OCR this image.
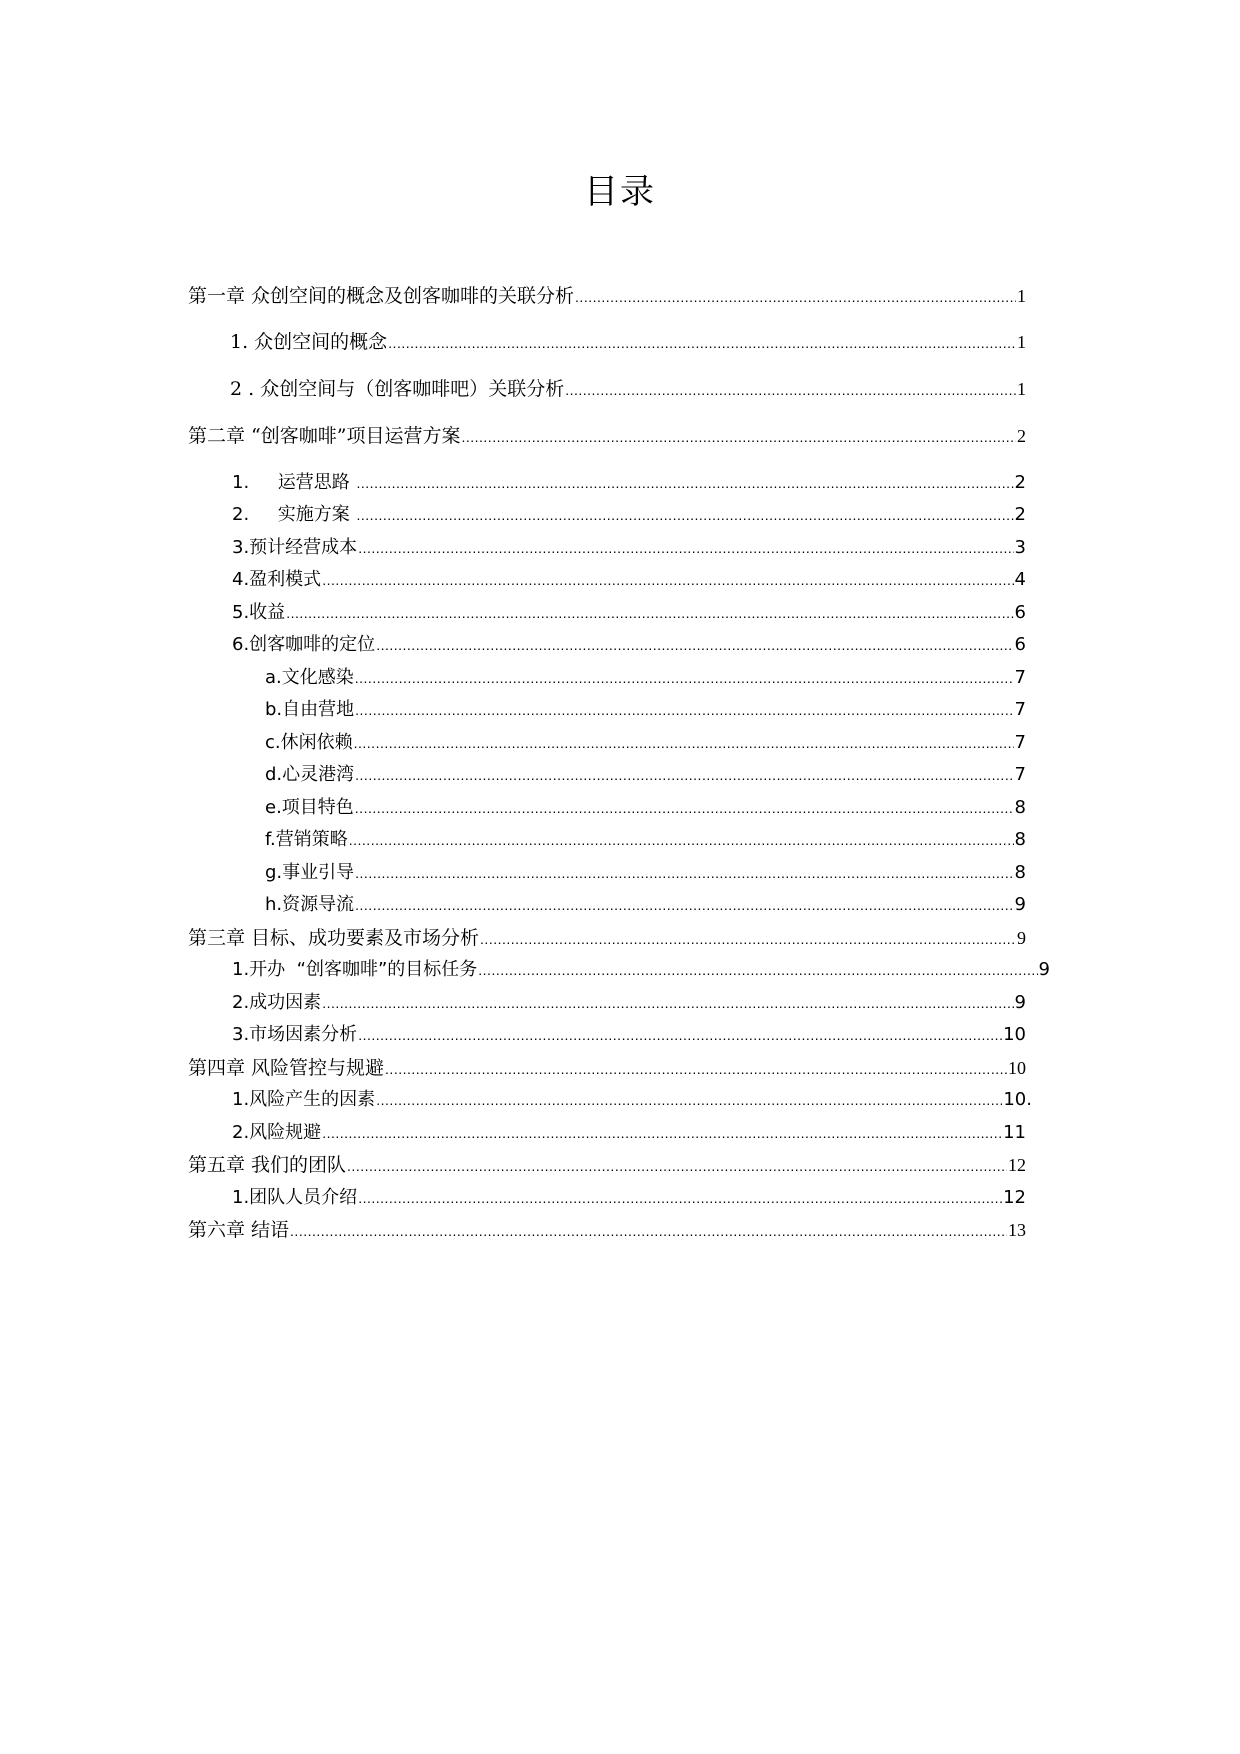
目录
第一章 众创空间的概念及创客咖啡的关联分析 .....	1
1. 众创空间的概念 .....	1
2 . 众创空间与（创客咖啡吧）关联分析 .....	1
第二章 “创客咖啡”项目运营方案 .....	2
1.     运营思路 .....	2
2.     实施方案 .....	2
3.预计经营成本 .....	3
4.盈利模式 .....	4
5.收益 .....	6
6.创客咖啡的定位 .....	6
a.文化感染 .....	7
b.自由营地 .....	7
c.休闲依赖 .....	7
d.心灵港湾 .....	7
e.项目特色 .....	8
f.营销策略 .....	8
g.事业引导 .....	8
h.资源导流 .....	9
第三章 目标、成功要素及市场分析 .....	9
1.开办  “创客咖啡”的目标任务 .....	9
2.成功因素 .....	9
3.市场因素分析 .....	10
第四章 风险管控与规避 .....	10
1.风险产生的因素 .....	10.
2.风险规避 .....	11
第五章 我们的团队 .....	12
1.团队人员介绍 .....	12
第六章 结语 .....	13
